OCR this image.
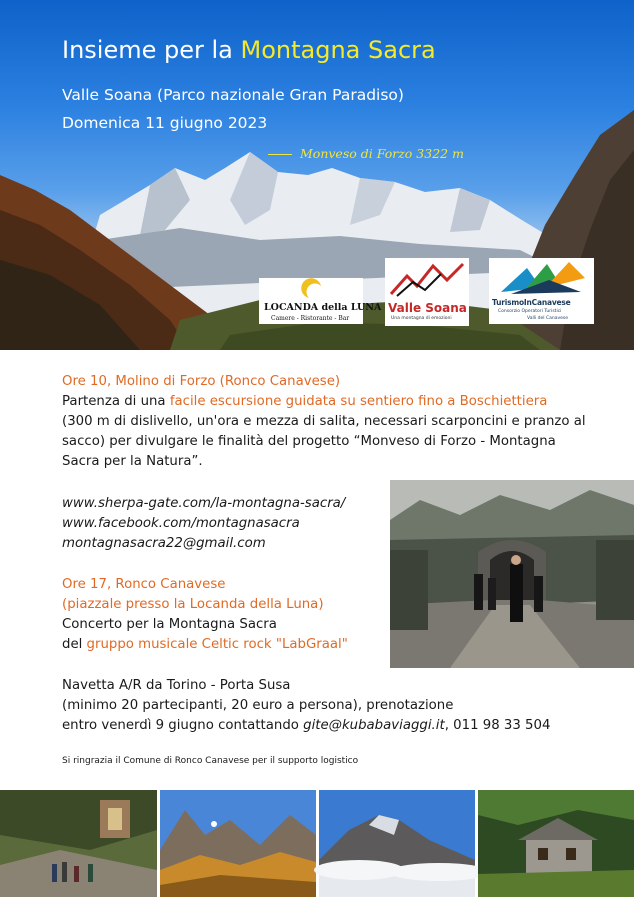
Insieme per la Montagna Sacra
Valle Soana (Parco nazionale Gran Paradiso)
Domenica 11 giugno 2023
Monveso di Forzo 3322 m
LOCANDA della LUNA
Camere - Ristorante - Bar
Valle Soana
Una montagna di emozioni
TurismoInCanavese
Consorzio Operatori Turistici
Valli del Canavese
Ore 10, Molino di Forzo (Ronco Canavese)
Partenza di una facile escursione guidata su sentiero fino a Boschiettiera
(300 m di dislivello, un'ora e mezza di salita, necessari scarponcini e pranzo al
sacco) per divulgare le finalità del progetto “Monveso di Forzo - Montagna
Sacra per la Natura”.
www.sherpa-gate.com/la-montagna-sacra/
www.facebook.com/montagnasacra
montagnasacra22@gmail.com
Ore 17, Ronco Canavese
(piazzale presso la Locanda della Luna)
Concerto per la Montagna Sacra
del gruppo musicale Celtic rock "LabGraal"
Navetta A/R da Torino - Porta Susa
(minimo 20 partecipanti, 20 euro a persona), prenotazione
entro venerdì 9 giugno contattando gite@kubabaviaggi.it, 011 98 33 504
Si ringrazia il Comune di Ronco Canavese per il supporto logistico
